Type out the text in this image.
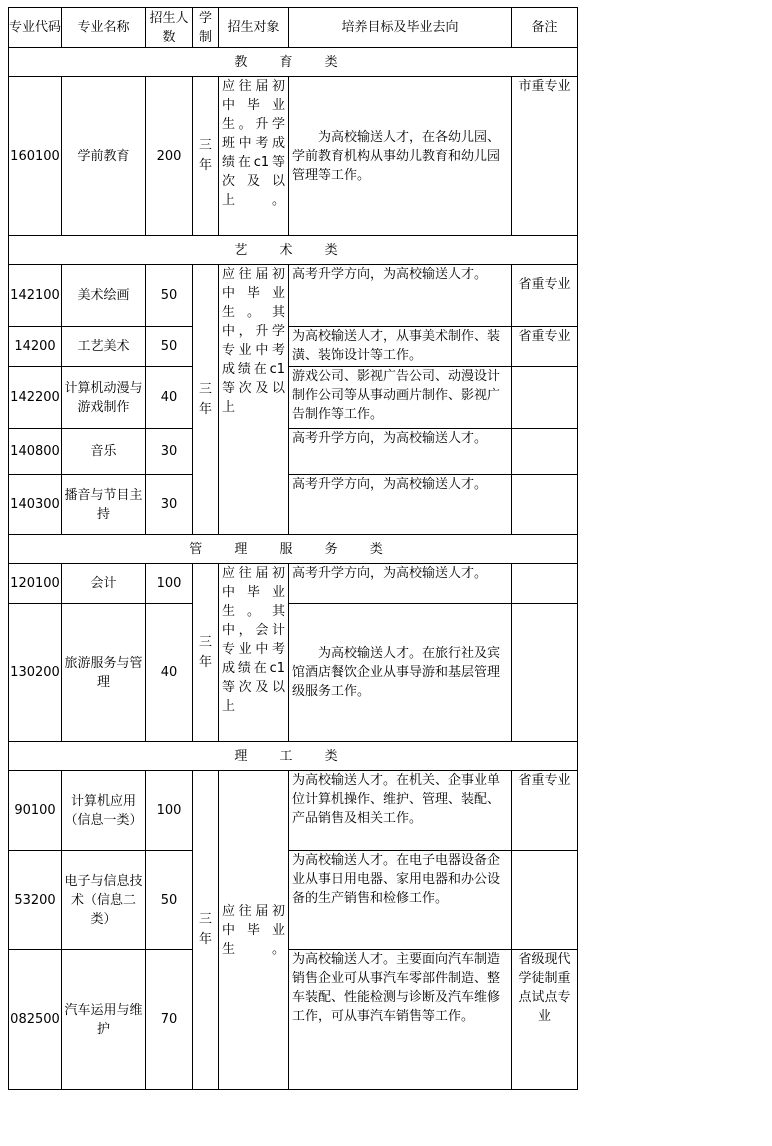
专业代码	专业名称	招生人数	学制	招生对象	培养目标及毕业去向	备注
教 育 类						
160100	学前教育	200	三年	应往届初中毕业生。升学班中考成绩在c1等次及以上。	为高校输送人才，在各幼儿园、学前教育机构从事幼儿教育和幼儿园管理等工作。	市重专业
艺 术 类						
142100	美术绘画	50	三年	应往届初中毕业生。其中，升学专业中考成绩在c1等次及以上	高考升学方向，为高校输送人才。	省重专业
14200	工艺美术	50			为高校输送人才，从事美术制作、装潢、装饰设计等工作。	省重专业
142200	计算机动漫与游戏制作	40			游戏公司、影视广告公司、动漫设计制作公司等从事动画片制作、影视广告制作等工作。	
140800	音乐	30			高考升学方向，为高校输送人才。	
140300	播音与节目主持	30			高考升学方向，为高校输送人才。	
管 理 服 务 类						
120100	会计	100	三年	应往届初中毕业生。其中，会计专业中考成绩在c1等次及以上	高考升学方向，为高校输送人才。	
130200	旅游服务与管理	40			为高校输送人才。在旅行社及宾馆酒店餐饮企业从事导游和基层管理级服务工作。	
理 工 类						
90100	计算机应用（信息一类）	100	三年	应往届初中毕业生。	为高校输送人才。在机关、企事业单位计算机操作、维护、管理、装配、产品销售及相关工作。	省重专业
53200	电子与信息技术（信息二类）	50			为高校输送人才。在电子电器设备企业从事日用电器、家用电器和办公设备的生产销售和检修工作。	
082500	汽车运用与维护	70			为高校输送人才。主要面向汽车制造销售企业可从事汽车零部件制造、整车装配、性能检测与诊断及汽车维修工作，可从事汽车销售等工作。	省级现代学徒制重点试点专业
